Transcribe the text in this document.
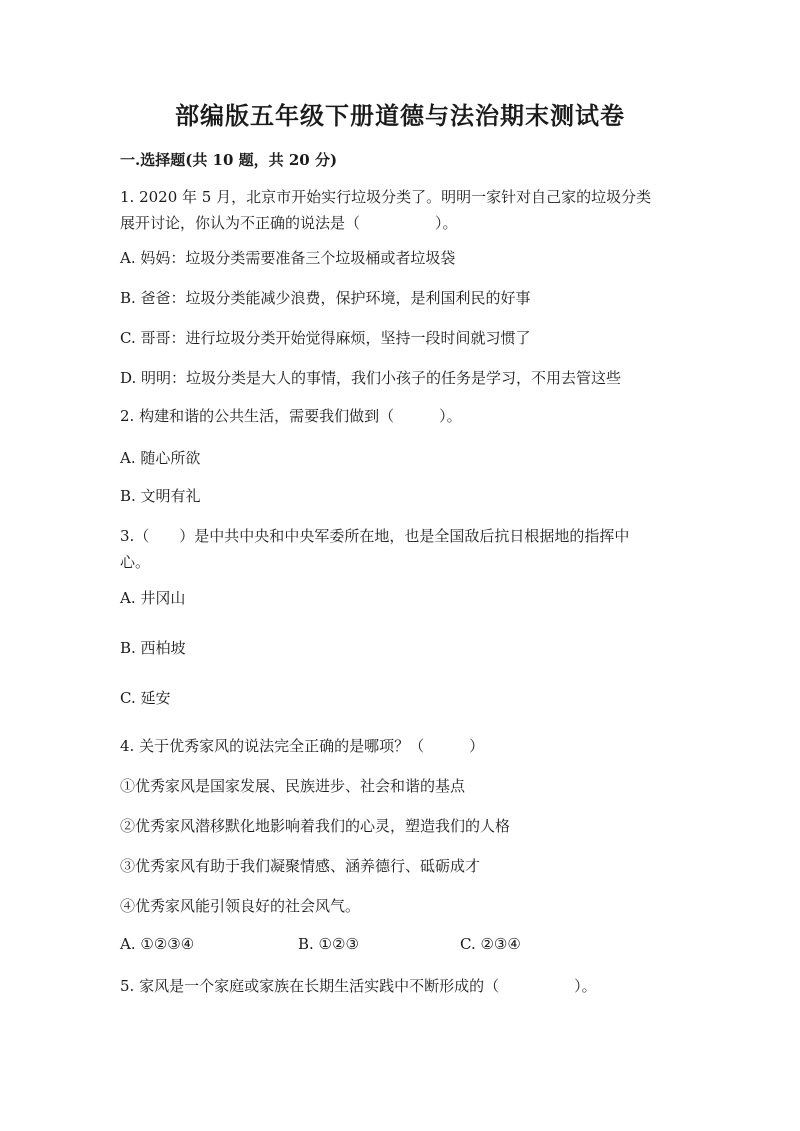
部编版五年级下册道德与法治期末测试卷
一.选择题(共 10 题，共 20 分)
1. 2020 年 5 月，北京市开始实行垃圾分类了。明明一家针对自己家的垃圾分类
展开讨论，你认为不正确的说法是（　　　　　）。
A. 妈妈：垃圾分类需要准备三个垃圾桶或者垃圾袋
B. 爸爸：垃圾分类能减少浪费，保护环境，是利国利民的好事
C. 哥哥：进行垃圾分类开始觉得麻烦，坚持一段时间就习惯了
D. 明明：垃圾分类是大人的事情，我们小孩子的任务是学习，不用去管这些
2. 构建和谐的公共生活，需要我们做到（　　　）。
A. 随心所欲
B. 文明有礼
3.（　　）是中共中央和中央军委所在地，也是全国敌后抗日根据地的指挥中
心。
A. 井冈山
B. 西柏坡
C. 延安
4. 关于优秀家风的说法完全正确的是哪项？（　　　）
①优秀家风是国家发展、民族进步、社会和谐的基点
②优秀家风潜移默化地影响着我们的心灵，塑造我们的人格
③优秀家风有助于我们凝聚情感、涵养德行、砥砺成才
④优秀家风能引领良好的社会风气。
A. ①②③④	B. ①②③	C. ②③④
5. 家风是一个家庭或家族在长期生活实践中不断形成的（　　　　　）。
